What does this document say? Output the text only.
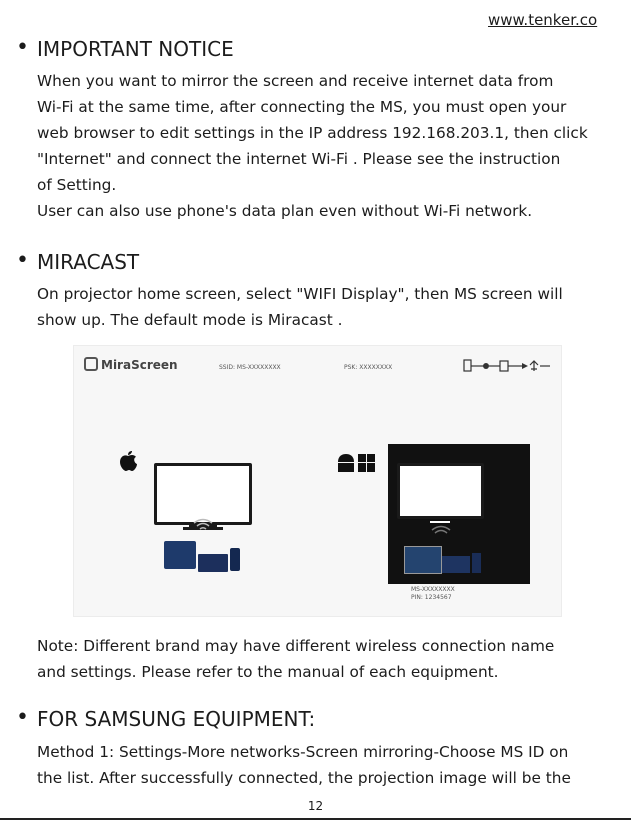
www.tenker.co
• IMPORTANT NOTICE
When you want to mirror the screen and receive internet data from
Wi-Fi at the same time, after connecting the MS, you must open your
web browser to edit settings in the IP address 192.168.203.1, then click
"Internet" and connect the internet Wi-Fi . Please see the instruction
of Setting.
User can also use phone's data plan even without Wi-Fi network.
• MIRACAST
On projector home screen, select "WIFI Display", then MS screen will
show up. The default mode is Miracast .
MiraScreen	SSID: MS-XXXXXXXX	PSK: XXXXXXXX
MS-XXXXXXXX
PIN: 1234567
Note: Different brand may have different wireless connection name
and settings. Please refer to the manual of each equipment.
• FOR SAMSUNG EQUIPMENT:
Method 1: Settings-More networks-Screen mirroring-Choose MS ID on
the list. After successfully connected, the projection image will be the
12
